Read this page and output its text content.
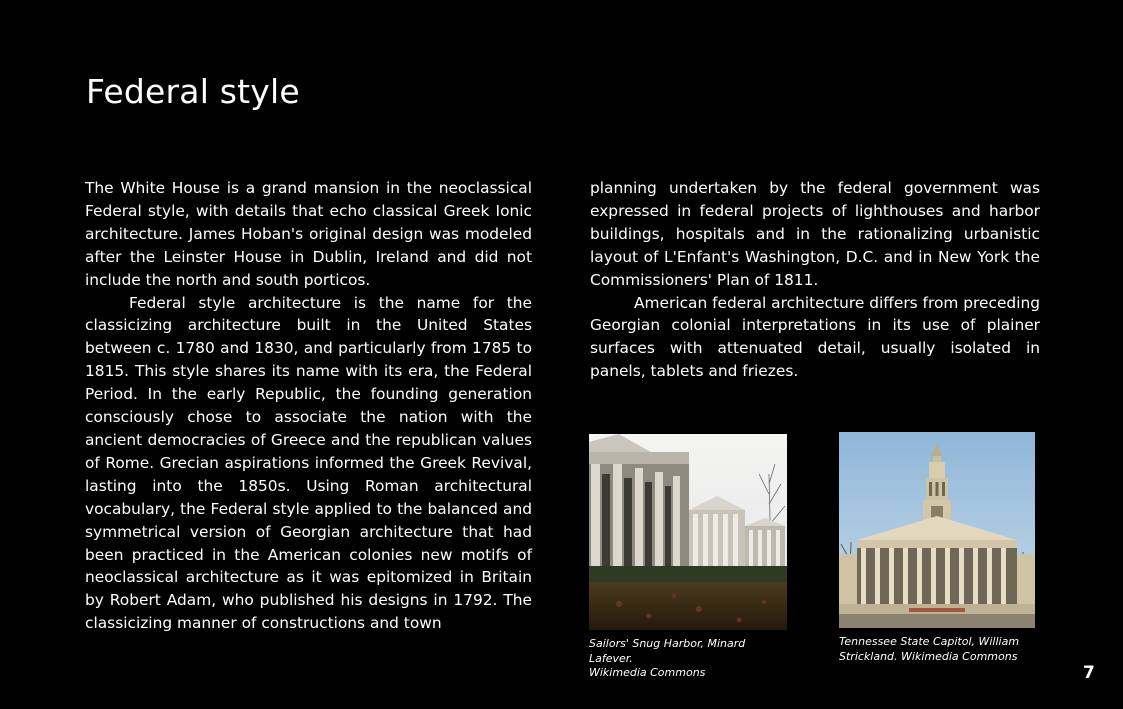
Federal style

The White House is a grand mansion in the neoclassical Federal style, with details that echo classical Greek Ionic architecture. James Hoban's original design was modeled after the Leinster House in Dublin, Ireland and did not include the north and south porticos.

Federal style architecture is the name for the classicizing architecture built in the United States between c. 1780 and 1830, and particularly from 1785 to 1815. This style shares its name with its era, the Federal Period. In the early Republic, the founding generation consciously chose to associate the nation with the ancient democracies of Greece and the republican values of Rome. Grecian aspirations informed the Greek Revival, lasting into the 1850s. Using Roman architectural vocabulary, the Federal style applied to the balanced and symmetrical version of Georgian architecture that had been practiced in the American colonies new motifs of neoclassical architecture as it was epitomized in Britain by Robert Adam, who published his designs in 1792. The classicizing manner of constructions and town

planning undertaken by the federal government was expressed in federal projects of lighthouses and harbor buildings, hospitals and in the rationalizing urbanistic layout of L'Enfant's Washington, D.C. and in New York the Commissioners' Plan of 1811.

American federal architecture differs from preceding Georgian colonial interpretations in its use of plainer surfaces with attenuated detail, usually isolated in panels, tablets and friezes.

Sailors' Snug Harbor, Minard Lafever.
Wikimedia Commons
Tennessee State Capitol, William
Strickland. Wikimedia Commons
7
